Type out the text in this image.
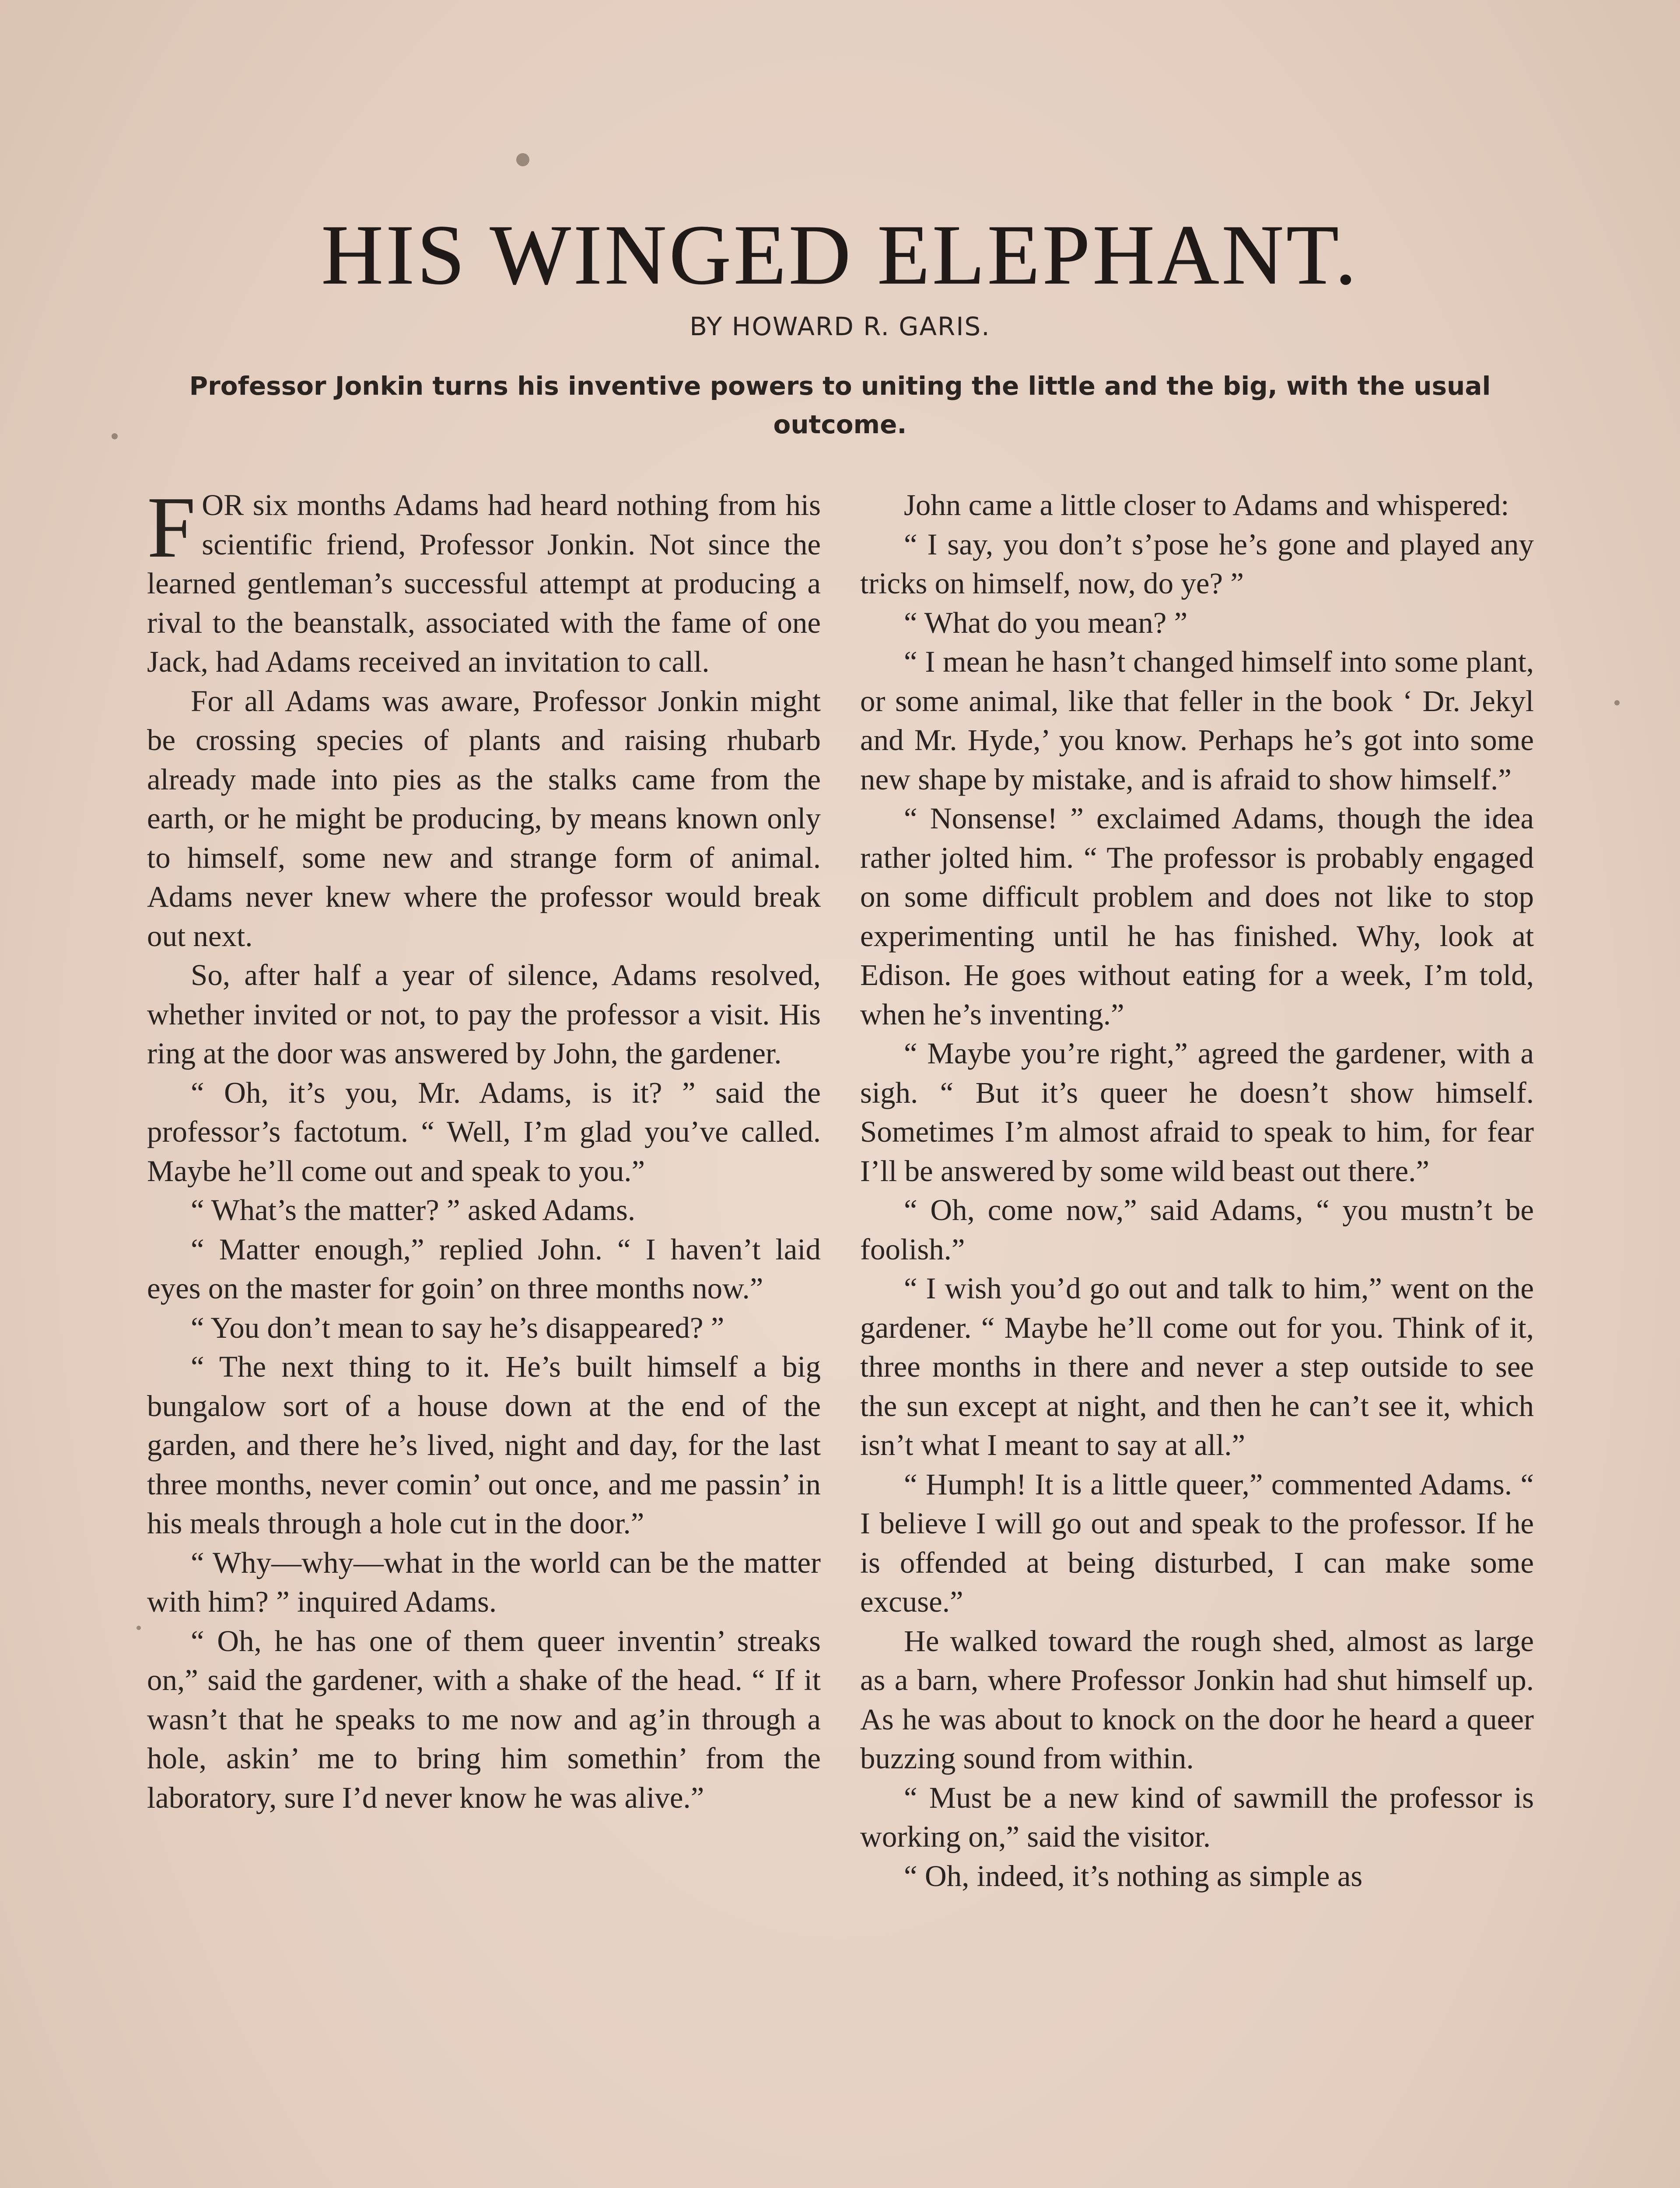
HIS WINGED ELEPHANT.

BY HOWARD R. GARIS.

Professor Jonkin turns his inventive powers to uniting the little and the big, with the usual outcome.

FOR six months Adams had heard nothing from his scientific friend, Professor Jonkin. Not since the learned gentleman’s successful attempt at producing a rival to the beanstalk, associated with the fame of one Jack, had Adams received an invitation to call.

For all Adams was aware, Professor Jonkin might be crossing species of plants and raising rhubarb already made into pies as the stalks came from the earth, or he might be producing, by means known only to himself, some new and strange form of animal. Adams never knew where the professor would break out next.

So, after half a year of silence, Adams resolved, whether invited or not, to pay the professor a visit. His ring at the door was answered by John, the gardener.

“ Oh, it’s you, Mr. Adams, is it? ” said the professor’s factotum. “ Well, I’m glad you’ve called. Maybe he’ll come out and speak to you.”

“ What’s the matter? ” asked Adams.

“ Matter enough,” replied John. “ I haven’t laid eyes on the master for goin’ on three months now.”

“ You don’t mean to say he’s disappeared? ”

“ The next thing to it. He’s built himself a big bungalow sort of a house down at the end of the garden, and there he’s lived, night and day, for the last three months, never comin’ out once, and me passin’ in his meals through a hole cut in the door.”

“ Why—why—what in the world can be the matter with him? ” inquired Adams.

“ Oh, he has one of them queer inventin’ streaks on,” said the gardener, with a shake of the head. “ If it wasn’t that he speaks to me now and ag’in through a hole, askin’ me to bring him somethin’ from the laboratory, sure I’d never know he was alive.”

John came a little closer to Adams and whispered:

“ I say, you don’t s’pose he’s gone and played any tricks on himself, now, do ye? ”

“ What do you mean? ”

“ I mean he hasn’t changed himself into some plant, or some animal, like that feller in the book ‘ Dr. Jekyl and Mr. Hyde,’ you know. Perhaps he’s got into some new shape by mistake, and is afraid to show himself.”

“ Nonsense! ” exclaimed Adams, though the idea rather jolted him. “ The professor is probably engaged on some difficult problem and does not like to stop experimenting until he has finished. Why, look at Edison. He goes without eating for a week, I’m told, when he’s inventing.”

“ Maybe you’re right,” agreed the gardener, with a sigh. “ But it’s queer he doesn’t show himself. Sometimes I’m almost afraid to speak to him, for fear I’ll be answered by some wild beast out there.”

“ Oh, come now,” said Adams, “ you mustn’t be foolish.”

“ I wish you’d go out and talk to him,” went on the gardener. “ Maybe he’ll come out for you. Think of it, three months in there and never a step outside to see the sun except at night, and then he can’t see it, which isn’t what I meant to say at all.”

“ Humph! It is a little queer,” commented Adams. “ I believe I will go out and speak to the professor. If he is offended at being disturbed, I can make some excuse.”

He walked toward the rough shed, almost as large as a barn, where Professor Jonkin had shut himself up. As he was about to knock on the door he heard a queer buzzing sound from within.

“ Must be a new kind of sawmill the professor is working on,” said the visitor.

“ Oh, indeed, it’s nothing as simple as
